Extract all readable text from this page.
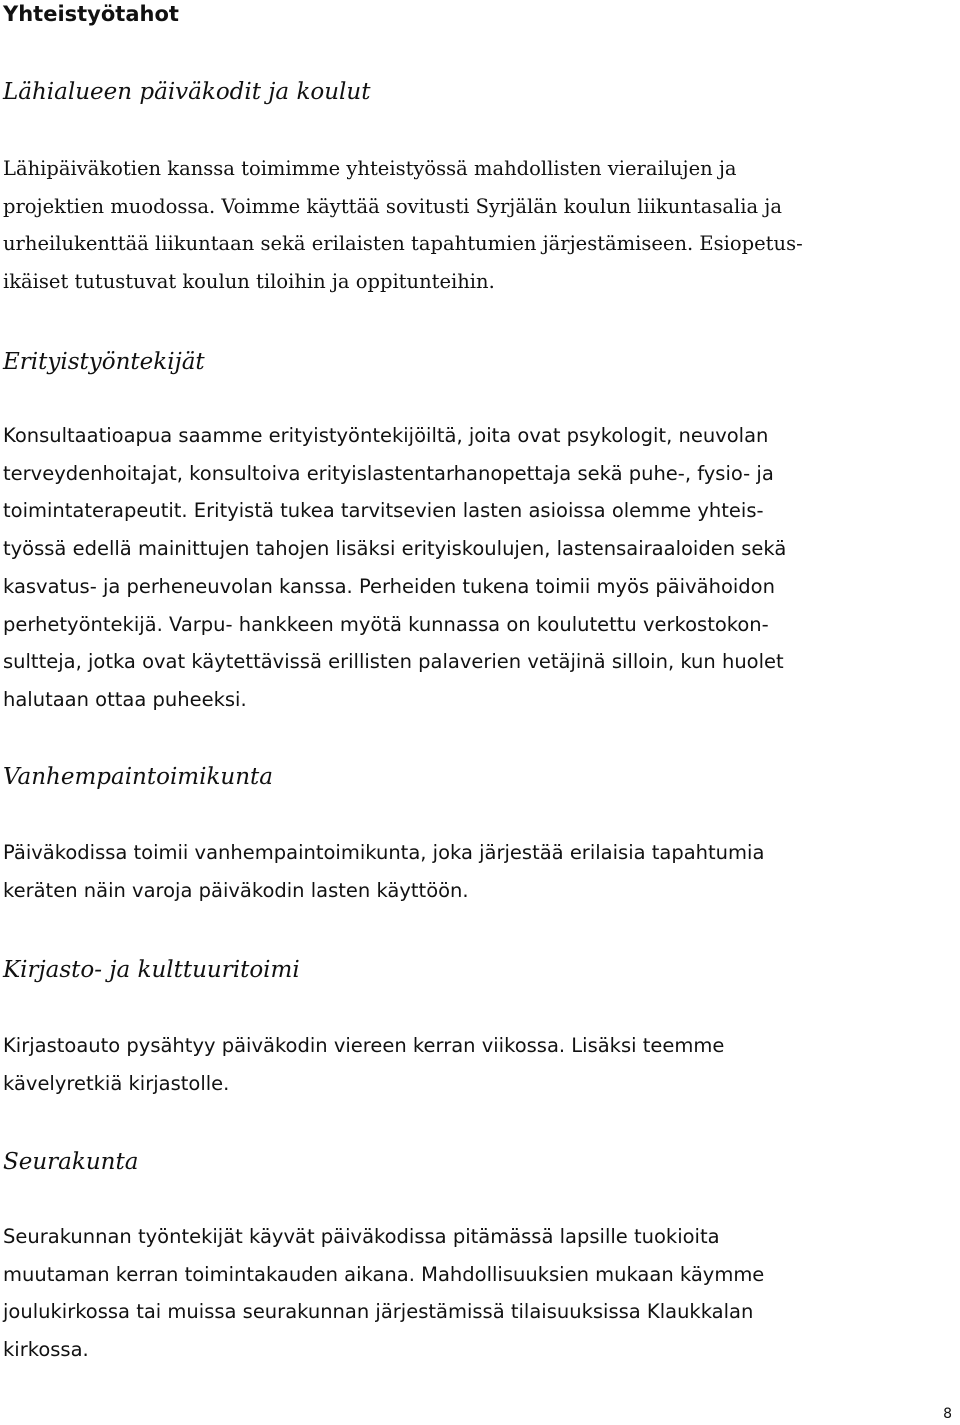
Yhteistyötahot
Lähialueen päiväkodit ja koulut
Lähipäiväkotien kanssa toimimme yhteistyössä mahdollisten vierailujen ja
projektien muodossa. Voimme käyttää sovitusti Syrjälän koulun liikuntasalia ja
urheilukenttää liikuntaan sekä erilaisten tapahtumien järjestämiseen. Esiopetus-
ikäiset tutustuvat koulun tiloihin ja oppitunteihin.
Erityistyöntekijät
Konsultaatioapua saamme erityistyöntekijöiltä, joita ovat psykologit, neuvolan
terveydenhoitajat, konsultoiva erityislastentarhanopettaja sekä puhe-, fysio- ja
toimintaterapeutit. Erityistä tukea tarvitsevien lasten asioissa olemme yhteis-
työssä edellä mainittujen tahojen lisäksi erityiskoulujen, lastensairaaloiden sekä
kasvatus- ja perheneuvolan kanssa. Perheiden tukena toimii myös päivähoidon
perhetyöntekijä. Varpu- hankkeen myötä kunnassa on koulutettu verkostokon-
sultteja, jotka ovat käytettävissä erillisten palaverien vetäjinä silloin, kun huolet
halutaan ottaa puheeksi.
Vanhempaintoimikunta
Päiväkodissa toimii vanhempaintoimikunta, joka järjestää erilaisia tapahtumia
keräten näin varoja päiväkodin lasten käyttöön.
Kirjasto- ja kulttuuritoimi
Kirjastoauto pysähtyy päiväkodin viereen kerran viikossa. Lisäksi teemme
kävelyretkiä kirjastolle.
Seurakunta
Seurakunnan työntekijät käyvät päiväkodissa pitämässä lapsille tuokioita
muutaman kerran toimintakauden aikana. Mahdollisuuksien mukaan käymme
joulukirkossa tai muissa seurakunnan järjestämissä tilaisuuksissa Klaukkalan
kirkossa.
8
